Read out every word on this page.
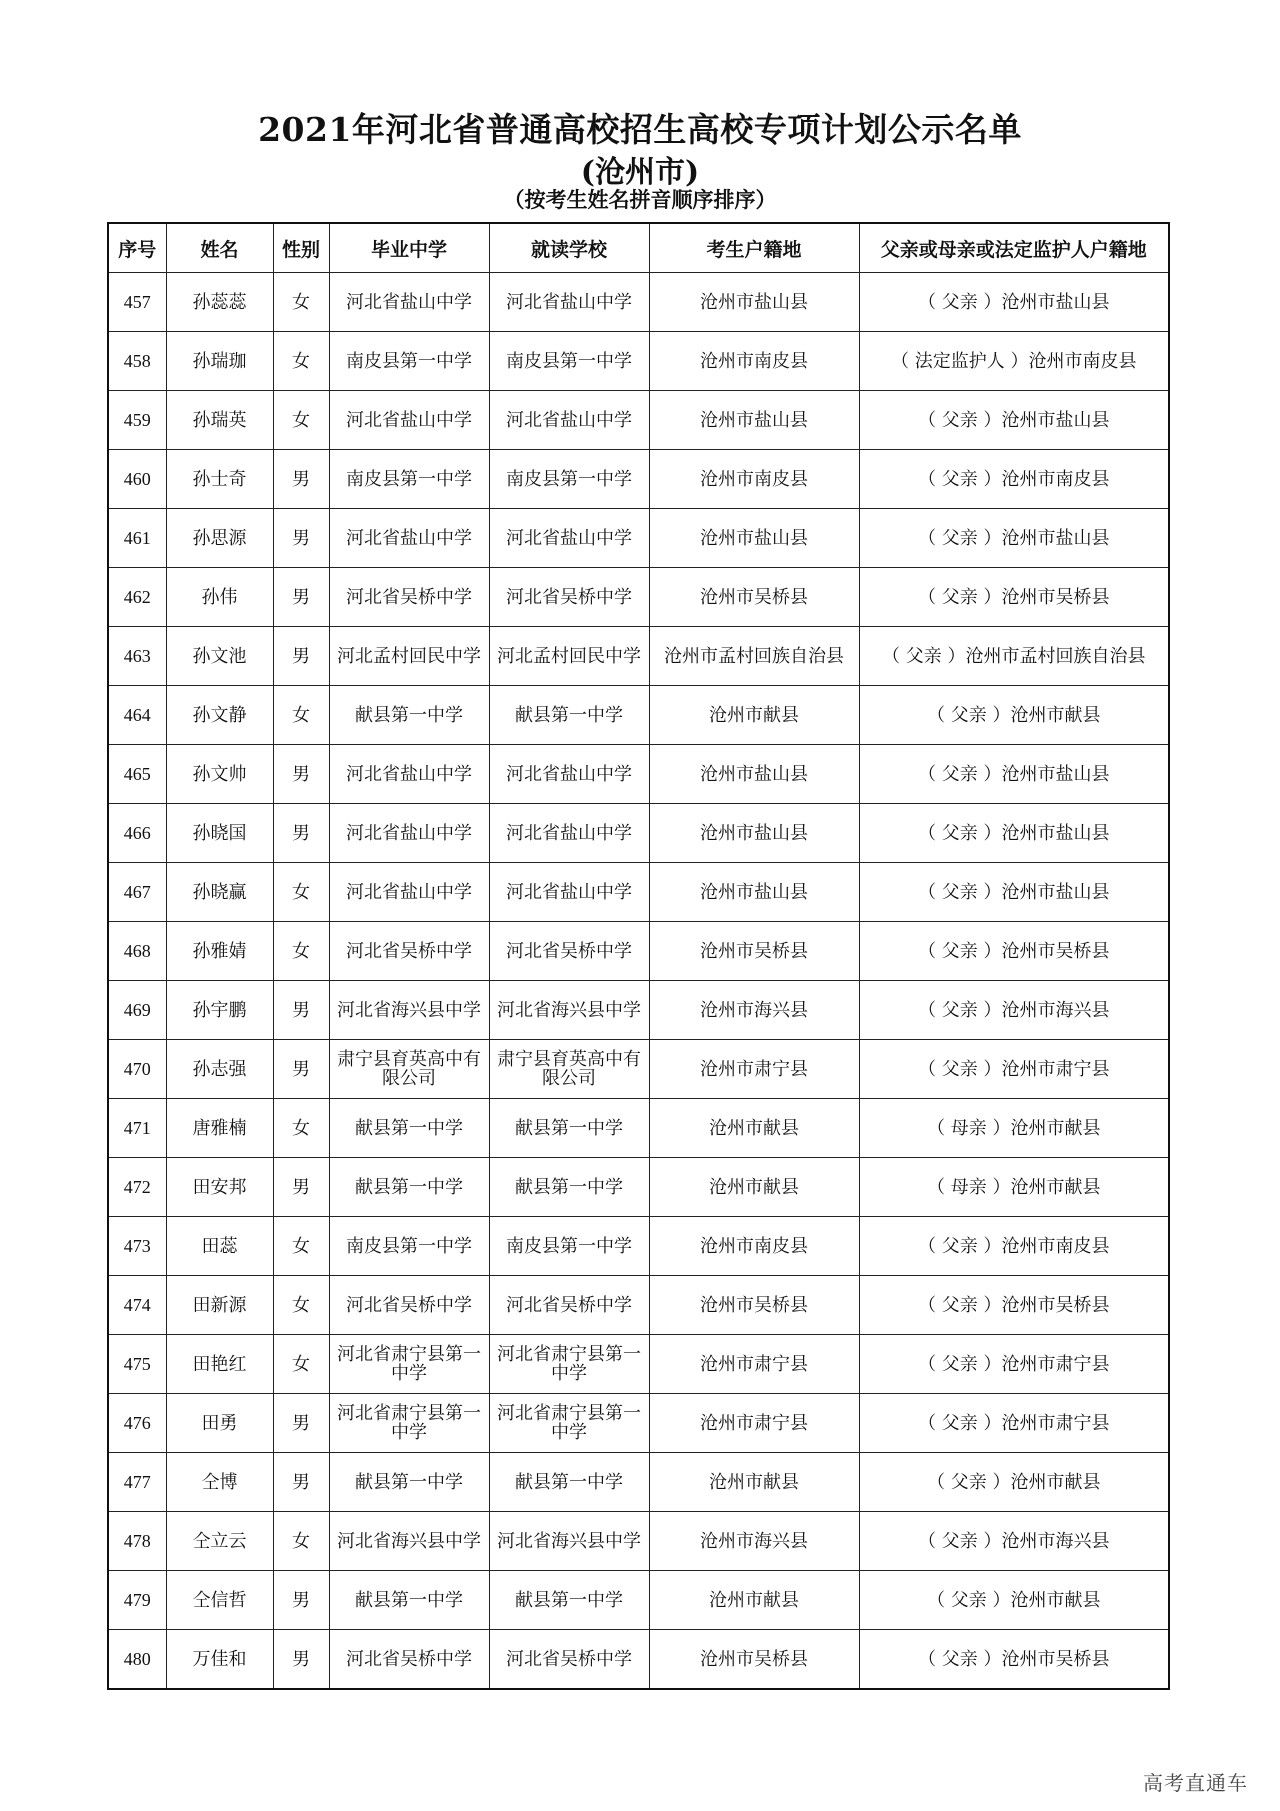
2021年河北省普通高校招生高校专项计划公示名单
(沧州市)
（按考生姓名拼音顺序排序）
序号	姓名	性别	毕业中学	就读学校	考生户籍地	父亲或母亲或法定监护人户籍地
457	孙蕊蕊	女	河北省盐山中学	河北省盐山中学	沧州市盐山县	（ 父亲 ）沧州市盐山县
458	孙瑞珈	女	南皮县第一中学	南皮县第一中学	沧州市南皮县	（ 法定监护人 ）沧州市南皮县
459	孙瑞英	女	河北省盐山中学	河北省盐山中学	沧州市盐山县	（ 父亲 ）沧州市盐山县
460	孙士奇	男	南皮县第一中学	南皮县第一中学	沧州市南皮县	（ 父亲 ）沧州市南皮县
461	孙思源	男	河北省盐山中学	河北省盐山中学	沧州市盐山县	（ 父亲 ）沧州市盐山县
462	孙伟	男	河北省吴桥中学	河北省吴桥中学	沧州市吴桥县	（ 父亲 ）沧州市吴桥县
463	孙文池	男	河北孟村回民中学	河北孟村回民中学	沧州市孟村回族自治县	（ 父亲 ）沧州市孟村回族自治县
464	孙文静	女	献县第一中学	献县第一中学	沧州市献县	（ 父亲 ）沧州市献县
465	孙文帅	男	河北省盐山中学	河北省盐山中学	沧州市盐山县	（ 父亲 ）沧州市盐山县
466	孙晓国	男	河北省盐山中学	河北省盐山中学	沧州市盐山县	（ 父亲 ）沧州市盐山县
467	孙晓赢	女	河北省盐山中学	河北省盐山中学	沧州市盐山县	（ 父亲 ）沧州市盐山县
468	孙雅婧	女	河北省吴桥中学	河北省吴桥中学	沧州市吴桥县	（ 父亲 ）沧州市吴桥县
469	孙宇鹏	男	河北省海兴县中学	河北省海兴县中学	沧州市海兴县	（ 父亲 ）沧州市海兴县
470	孙志强	男	肃宁县育英高中有限公司	肃宁县育英高中有限公司	沧州市肃宁县	（ 父亲 ）沧州市肃宁县
471	唐雅楠	女	献县第一中学	献县第一中学	沧州市献县	（ 母亲 ）沧州市献县
472	田安邦	男	献县第一中学	献县第一中学	沧州市献县	（ 母亲 ）沧州市献县
473	田蕊	女	南皮县第一中学	南皮县第一中学	沧州市南皮县	（ 父亲 ）沧州市南皮县
474	田新源	女	河北省吴桥中学	河北省吴桥中学	沧州市吴桥县	（ 父亲 ）沧州市吴桥县
475	田艳红	女	河北省肃宁县第一中学	河北省肃宁县第一中学	沧州市肃宁县	（ 父亲 ）沧州市肃宁县
476	田勇	男	河北省肃宁县第一中学	河北省肃宁县第一中学	沧州市肃宁县	（ 父亲 ）沧州市肃宁县
477	仝博	男	献县第一中学	献县第一中学	沧州市献县	（ 父亲 ）沧州市献县
478	仝立云	女	河北省海兴县中学	河北省海兴县中学	沧州市海兴县	（ 父亲 ）沧州市海兴县
479	仝信哲	男	献县第一中学	献县第一中学	沧州市献县	（ 父亲 ）沧州市献县
480	万佳和	男	河北省吴桥中学	河北省吴桥中学	沧州市吴桥县	（ 父亲 ）沧州市吴桥县
高考直通车
